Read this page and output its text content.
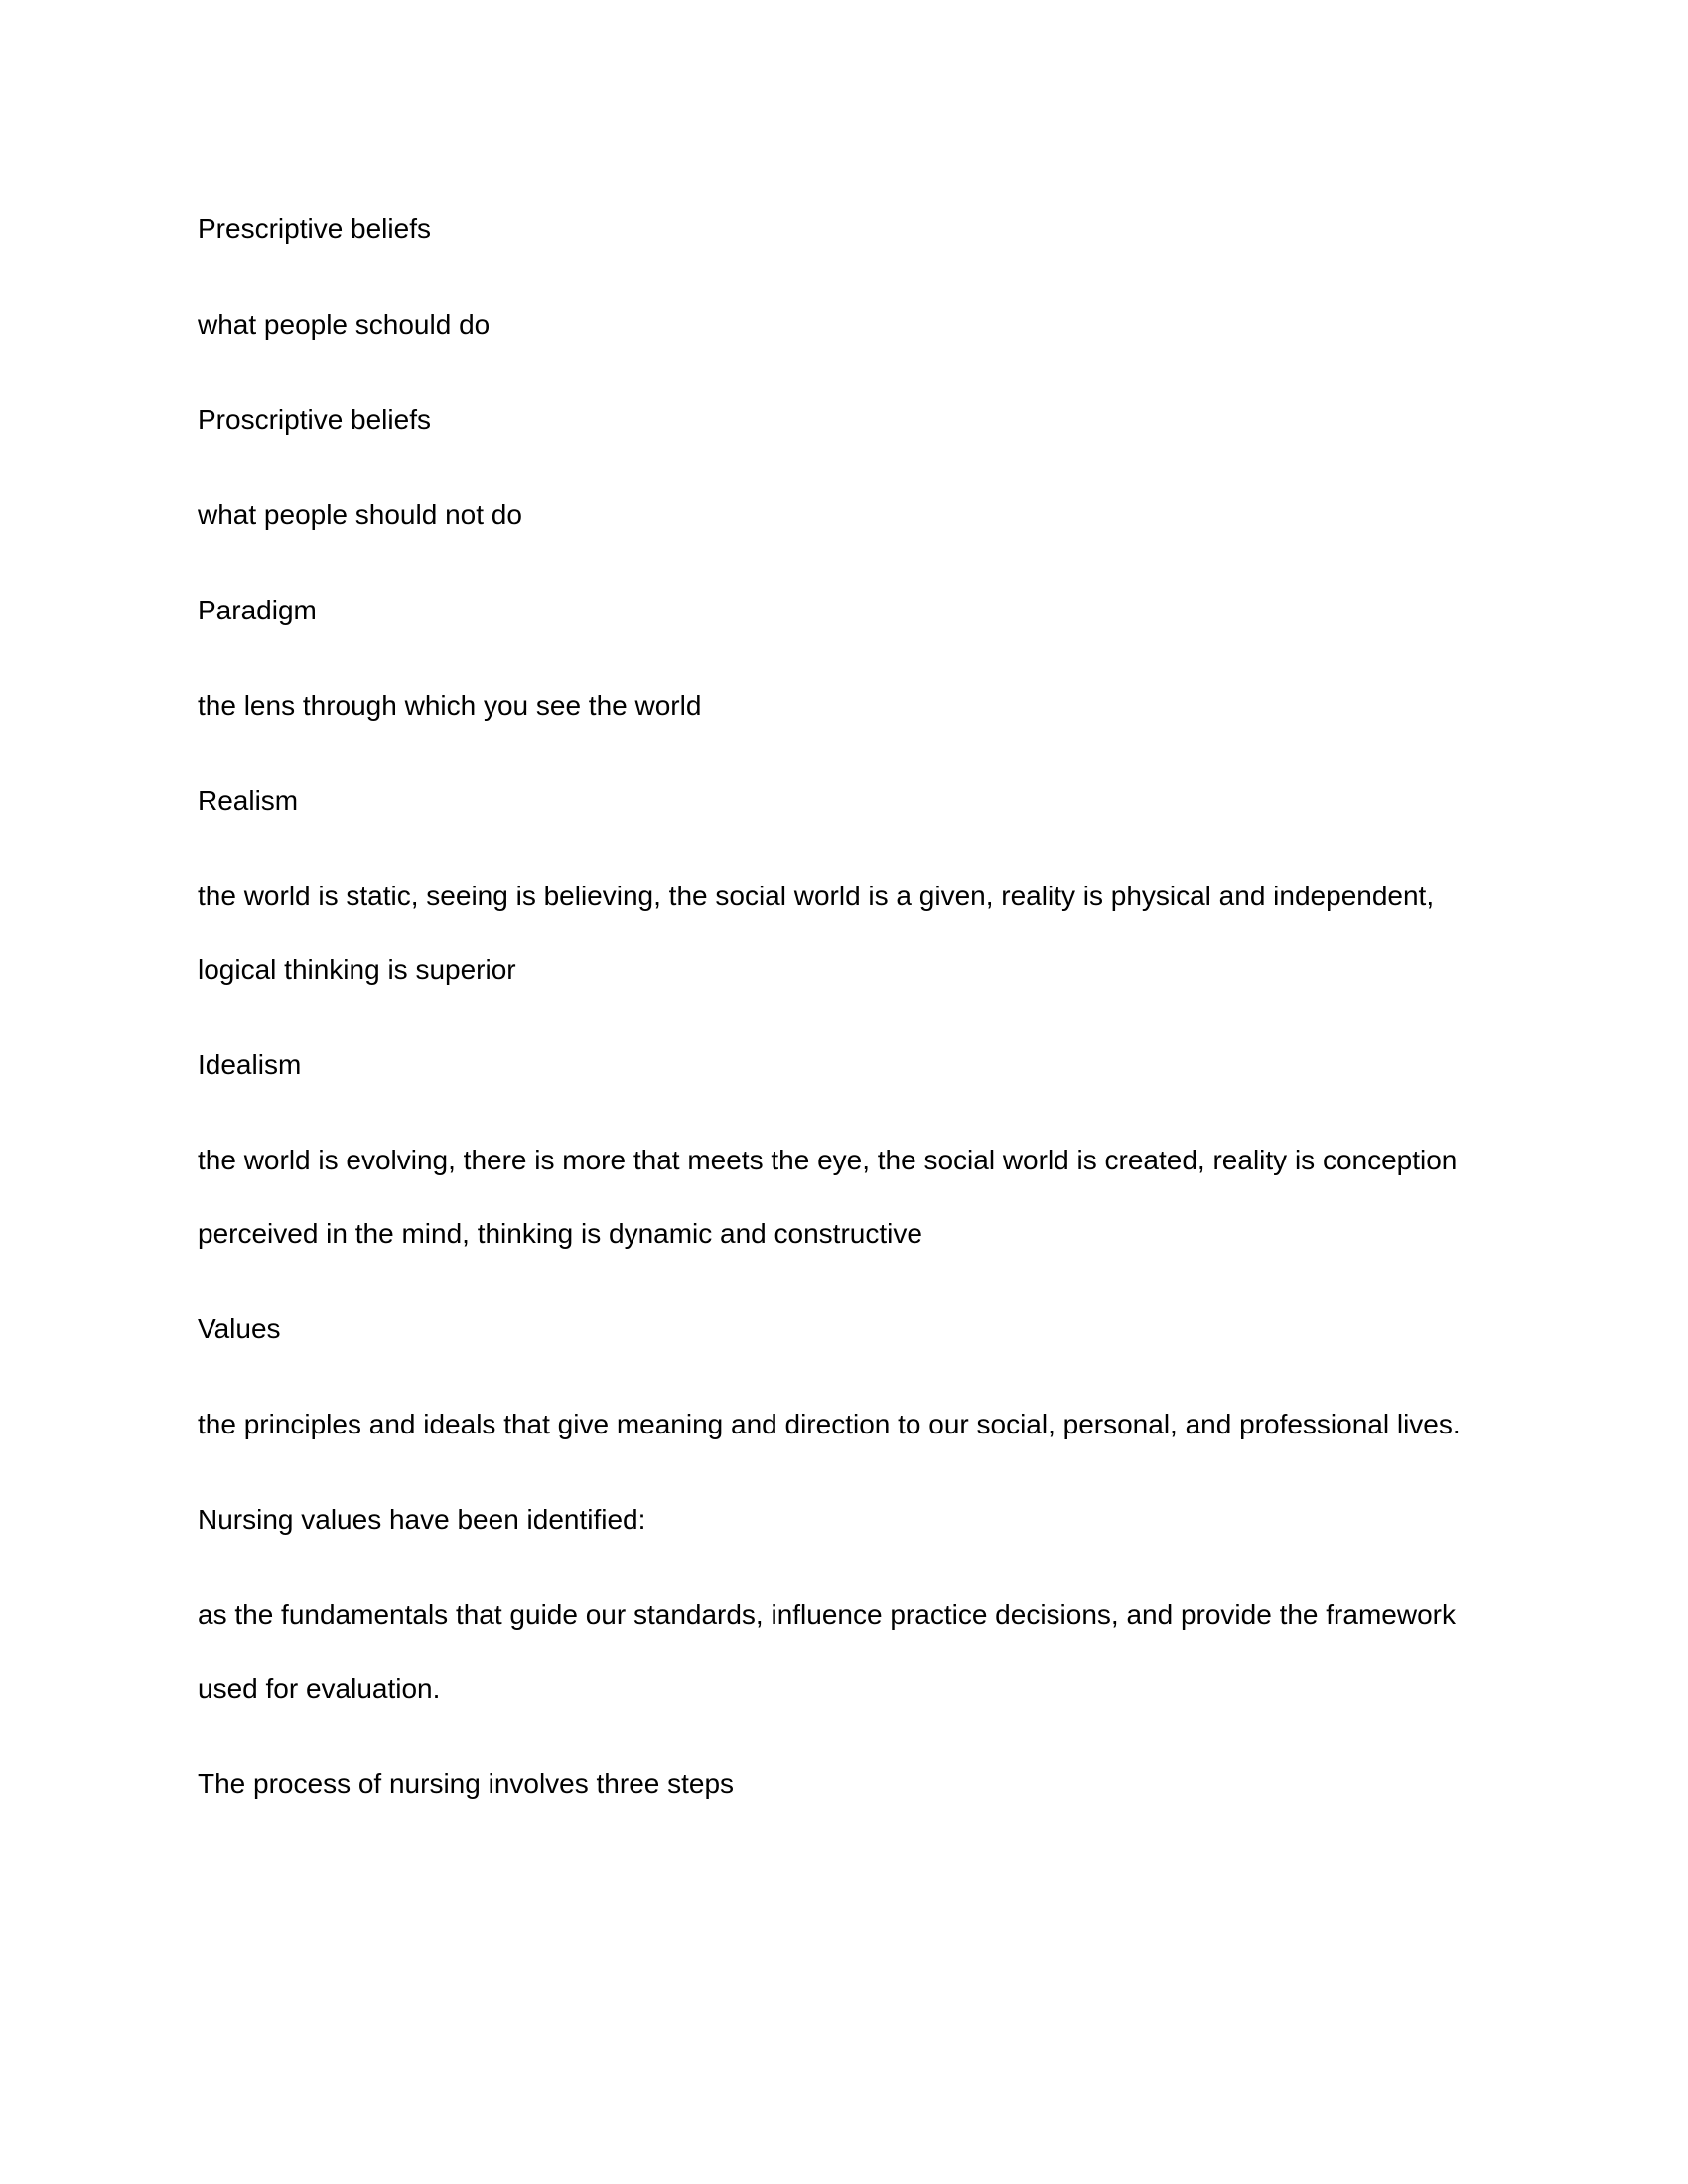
Prescriptive beliefs

what people schould do

Proscriptive beliefs

what people should not do

Paradigm

the lens through which you see the world

Realism

the world is static, seeing is believing, the social world is a given, reality is physical and independent, logical thinking is superior

Idealism

the world is evolving, there is more that meets the eye, the social world is created, reality is conception perceived in the mind, thinking is dynamic and constructive

Values

the principles and ideals that give meaning and direction to our social, personal, and professional lives.

Nursing values have been identified:

as the fundamentals that guide our standards, influence practice decisions, and provide the framework used for evaluation.

The process of nursing involves three steps
